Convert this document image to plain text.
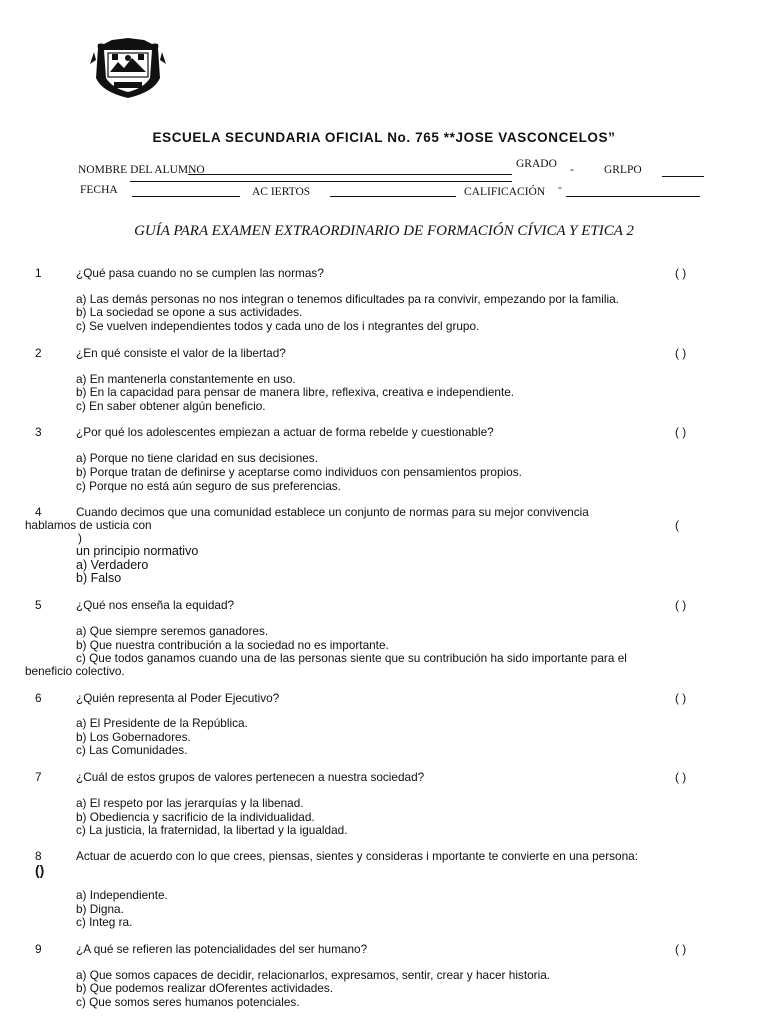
ESCUELA SECUNDARIA OFICIAL No. 765 **JOSE VASCONCELOS”
NOMBRE DEL ALUMNO	GRADO -	GRLPO
FECHA	AC IERTOS	CALIFICACIÓN -
GUÍA PARA EXAMEN EXTRAORDINARIO DE FORMACIÓN CÍVICA Y ETICA 2
1	¿Qué pasa cuando no se cumplen las normas?	( )
a) Las demás personas no nos integran o tenemos dificultades pa ra convivir, empezando por la familia.
b) La sociedad se opone a sus actividades.
c) Se vuelven independientes todos y cada uno de los i ntegrantes del grupo.
2	¿En qué consiste el valor de la libertad?	( )
a) En mantenerla constantemente en uso.
b) En la capacidad para pensar de manera libre, reflexiva, creativa e independiente.
c) En saber obtener algún beneficio.
3	¿Por qué los adolescentes empiezan a actuar de forma rebelde y cuestionable?	( )
a) Porque no tiene claridad en sus decisiones.
b) Porque tratan de definirse y aceptarse como individuos con pensamientos propios.
c) Porque no está aún seguro de sus preferencias.
4	Cuando decimos que una comunidad establece un conjunto de normas para su mejor convivencia
hablamos de usticia con	(
)
un principio normativo
a) Verdadero
b) Falso
5	¿Qué nos enseña la equidad?	( )
a) Que siempre seremos ganadores.
b) Que nuestra contribución a la sociedad no es importante.
c) Que todos ganamos cuando una de las personas siente que su contribución ha sido importante para el
beneficio colectivo.
6	¿Quién representa al Poder Ejecutivo?	( )
a) El Presidente de la República.
b) Los Gobernadores.
c) Las Comunidades.
7	¿Cuál de estos grupos de valores pertenecen a nuestra sociedad?	( )
a) El respeto por las jerarquías y la libenad.
b) Obediencia y sacrificio de la individualidad.
c) La justicia, la fraternidad, la libertad y la igualdad.
8	Actuar de acuerdo con lo que crees, piensas, sientes y consideras i mportante te convierte en una persona:
()
a) Independiente.
b) Digna.
c) Integ ra.
9	¿A qué se refieren las potencialidades del ser humano?	( )
a) Que somos capaces de decidir, relacionarlos, expresamos, sentir, crear y hacer historia.
b) Que podemos realizar dOferentes actividades.
c) Que somos seres humanos potenciales.
